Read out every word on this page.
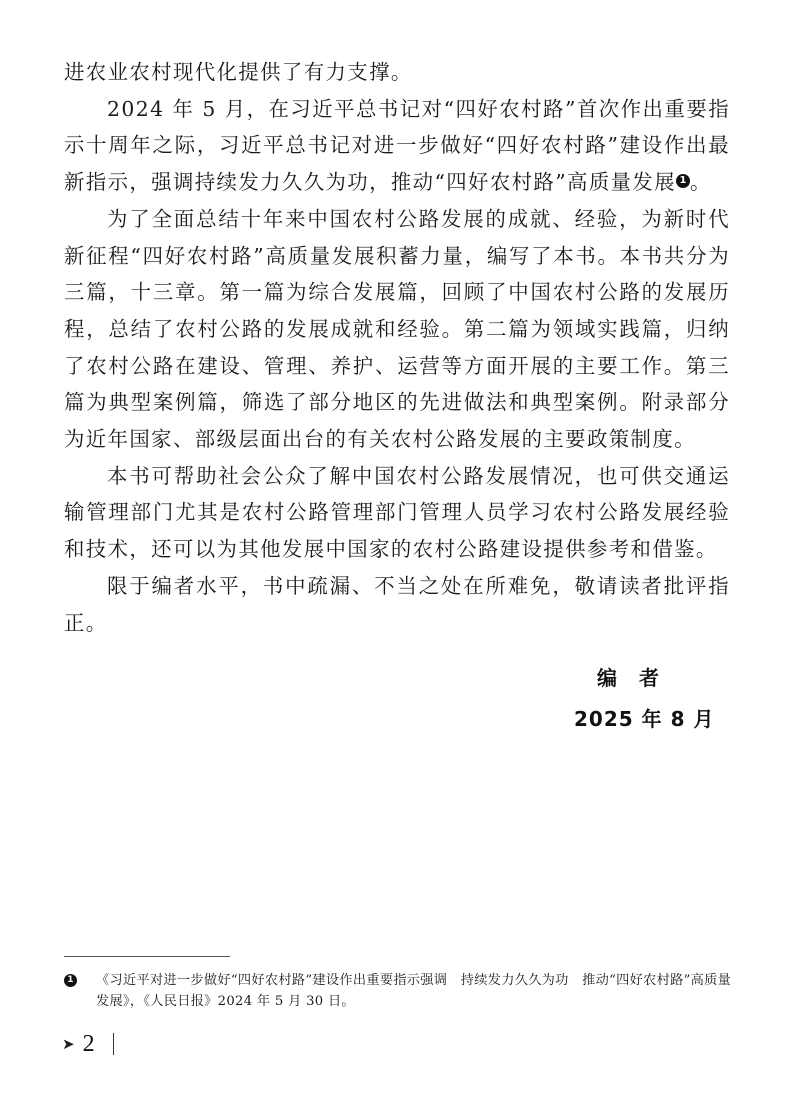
进农业农村现代化提供了有力支撑。

2024 年 5 月，在习近平总书记对“四好农村路”首次作出重要指示十周年之际，习近平总书记对进一步做好“四好农村路”建设作出最新指示，强调持续发力久久为功，推动“四好农村路”高质量发展 1 。

为了全面总结十年来中国农村公路发展的成就、经验，为新时代新征程“四好农村路”高质量发展积蓄力量，编写了本书。本书共分为三篇，十三章。第一篇为综合发展篇，回顾了中国农村公路的发展历程，总结了农村公路的发展成就和经验。第二篇为领域实践篇，归纳了农村公路在建设、管理、养护、运营等方面开展的主要工作。第三篇为典型案例篇，筛选了部分地区的先进做法和典型案例。附录部分为近年国家、部级层面出台的有关农村公路发展的主要政策制度。

本书可帮助社会公众了解中国农村公路发展情况，也可供交通运输管理部门尤其是农村公路管理部门管理人员学习农村公路发展经验和技术，还可以为其他发展中国家的农村公路建设提供参考和借鉴。

限于编者水平，书中疏漏、不当之处在所难免，敬请读者批评指正。

编者
2025 年 8 月
1 《习近平对进一步做好“四好农村路”建设作出重要指示强调　持续发力久久为功　推动“四好农村路”高质量发展》，《人民日报》2024 年 5 月 30 日。
➤ 2
